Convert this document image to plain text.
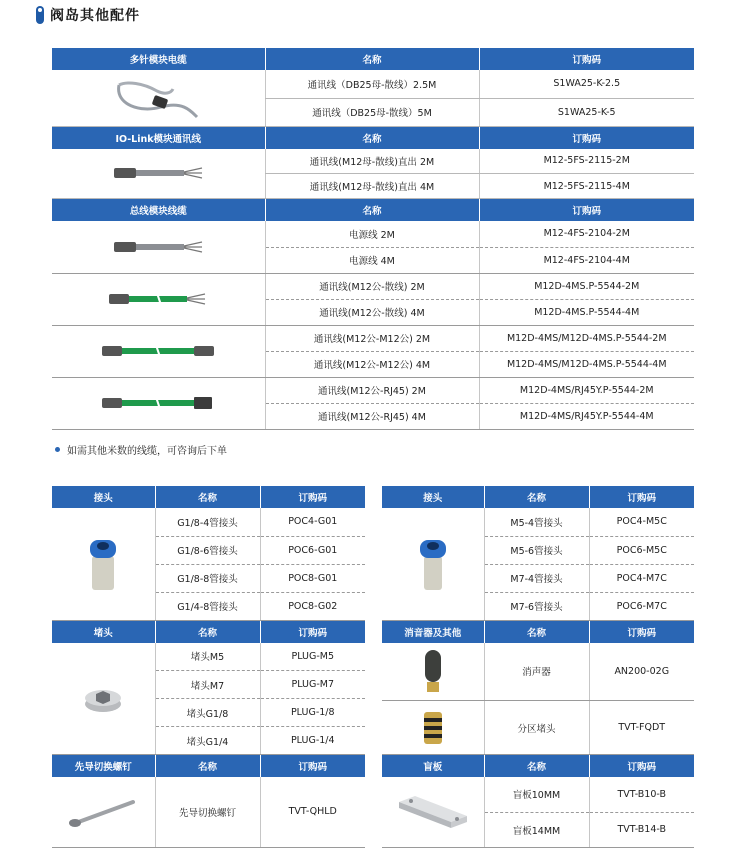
阀岛其他配件
多针模块电缆	名称	订购码

	通讯线（DB25母-散线）2.5M	S1WA25-K-2.5
	通讯线（DB25母-散线）5M	S1WA25-K-5
IO-Link模块通讯线	名称	订购码

	通讯线(M12母-散线)直出 2M	M12-5FS-2115-2M
	通讯线(M12母-散线)直出 4M	M12-5FS-2115-4M
总线模块线缆	名称	订购码

	电源线 2M	M12-4FS-2104-2M
	电源线 4M	M12-4FS-2104-4M

	通讯线(M12公-散线) 2M	M12D-4MS.P-5544-2M
	通讯线(M12公-散线) 4M	M12D-4MS.P-5544-4M

	通讯线(M12公-M12公) 2M	M12D-4MS/M12D-4MS.P-5544-2M
	通讯线(M12公-M12公) 4M	M12D-4MS/M12D-4MS.P-5544-4M

	通讯线(M12公-RJ45) 2M	M12D-4MS/RJ45Y.P-5544-2M
	通讯线(M12公-RJ45) 4M	M12D-4MS/RJ45Y.P-5544-4M
如需其他米数的线缆，可咨询后下单
接头	名称	订购码

	G1/8-4管接头	POC4-G01
	G1/8-6管接头	POC6-G01
	G1/8-8管接头	POC8-G01
	G1/4-8管接头	POC8-G02
堵头	名称	订购码

	堵头M5	PLUG-M5
	堵头M7	PLUG-M7
	堵头G1/8	PLUG-1/8
	堵头G1/4	PLUG-1/4
先导切换螺钉	名称	订购码

	先导切换螺钉	TVT-QHLD
接头	名称	订购码

	M5-4管接头	POC4-M5C
	M5-6管接头	POC6-M5C
	M7-4管接头	POC4-M7C
	M7-6管接头	POC6-M7C
消音器及其他	名称	订购码

	消声器	AN200-02G

	分区堵头	TVT-FQDT
盲板	名称	订购码

	盲板10MM	TVT-B10-B
	盲板14MM	TVT-B14-B
